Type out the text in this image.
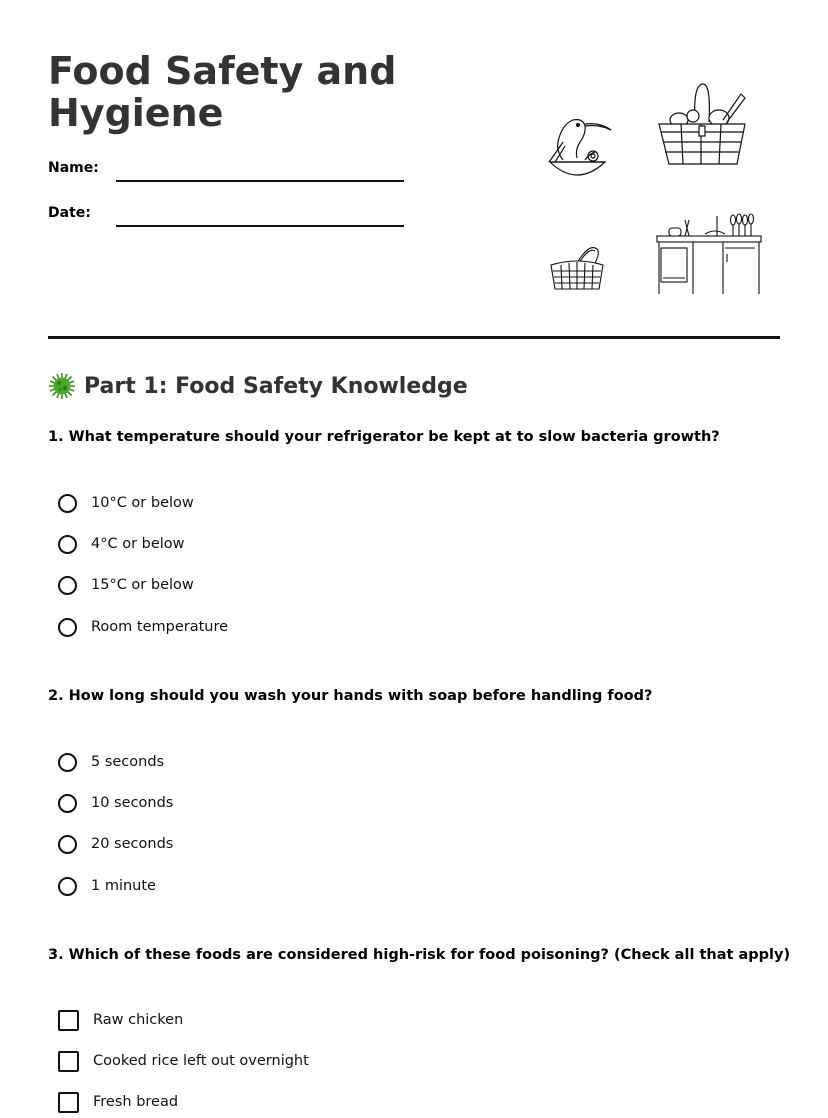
Food Safety and Hygiene
Name:
Date:
Part 1: Food Safety Knowledge
1. What temperature should your refrigerator be kept at to slow bacteria growth?
10°C or below
4°C or below
15°C or below
Room temperature
2. How long should you wash your hands with soap before handling food?
5 seconds
10 seconds
20 seconds
1 minute
3. Which of these foods are considered high-risk for food poisoning? (Check all that apply)
Raw chicken
Cooked rice left out overnight
Fresh bread
